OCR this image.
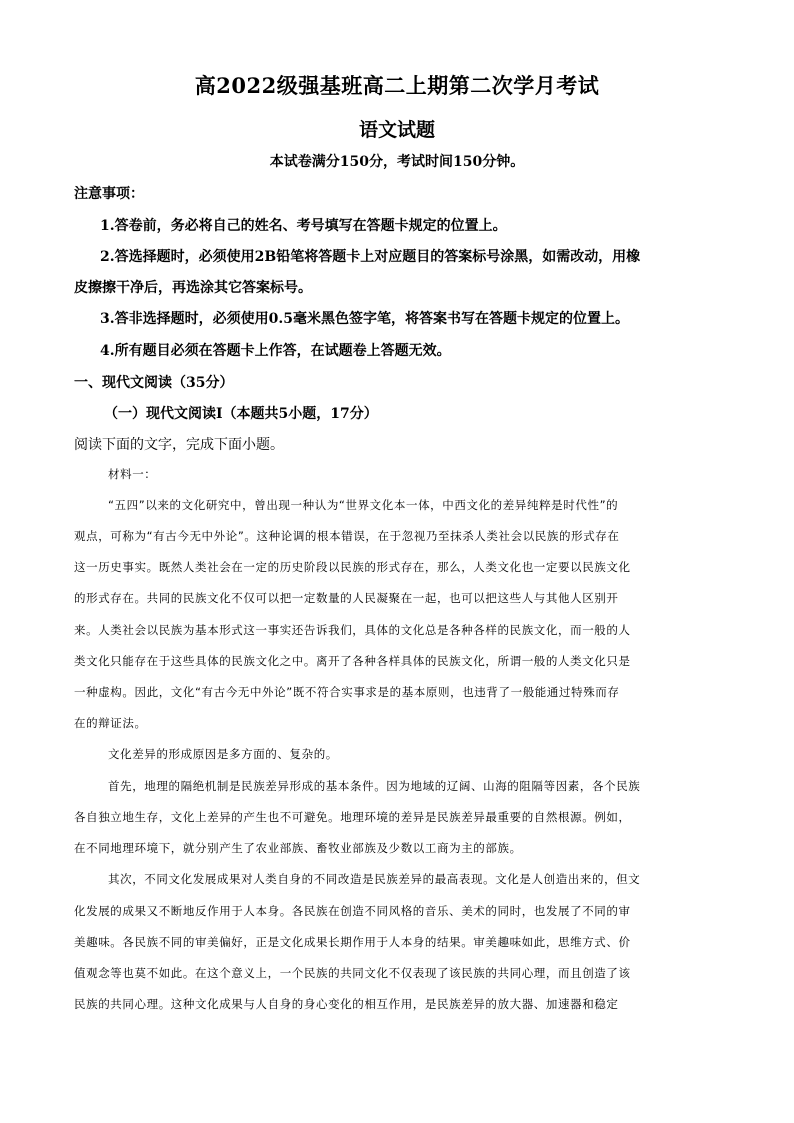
高2022级强基班高二上期第二次学月考试
语文试题
本试卷满分150分，考试时间150分钟。
注意事项：
1.答卷前，务必将自己的姓名、考号填写在答题卡规定的位置上。
2.答选择题时，必须使用2B铅笔将答题卡上对应题目的答案标号涂黑，如需改动，用橡
皮擦擦干净后，再选涂其它答案标号。
3.答非选择题时，必须使用0.5毫米黑色签字笔，将答案书写在答题卡规定的位置上。
4.所有题目必须在答题卡上作答，在试题卷上答题无效。
一、现代文阅读（35分）
（一）现代文阅读Ⅰ（本题共5小题，17分）
阅读下面的文字，完成下面小题。
材料一：
“五四”以来的文化研究中，曾出现一种认为“世界文化本一体，中西文化的差异纯粹是时代性”的
观点，可称为“有古今无中外论”。这种论调的根本错误，在于忽视乃至抹杀人类社会以民族的形式存在
这一历史事实。既然人类社会在一定的历史阶段以民族的形式存在，那么，人类文化也一定要以民族文化
的形式存在。共同的民族文化不仅可以把一定数量的人民凝聚在一起，也可以把这些人与其他人区别开
来。人类社会以民族为基本形式这一事实还告诉我们，具体的文化总是各种各样的民族文化，而一般的人
类文化只能存在于这些具体的民族文化之中。离开了各种各样具体的民族文化，所谓一般的人类文化只是
一种虚构。因此，文化“有古今无中外论”既不符合实事求是的基本原则，也违背了一般能通过特殊而存
在的辩证法。
文化差异的形成原因是多方面的、复杂的。
首先，地理的隔绝机制是民族差异形成的基本条件。因为地域的辽阔、山海的阻隔等因素，各个民族
各自独立地生存，文化上差异的产生也不可避免。地理环境的差异是民族差异最重要的自然根源。例如，
在不同地理环境下，就分别产生了农业部族、畜牧业部族及少数以工商为主的部族。
其次，不同文化发展成果对人类自身的不同改造是民族差异的最高表现。文化是人创造出来的，但文
化发展的成果又不断地反作用于人本身。各民族在创造不同风格的音乐、美术的同时，也发展了不同的审
美趣味。各民族不同的审美偏好，正是文化成果长期作用于人本身的结果。审美趣味如此，思维方式、价
值观念等也莫不如此。在这个意义上，一个民族的共同文化不仅表现了该民族的共同心理，而且创造了该
民族的共同心理。这种文化成果与人自身的身心变化的相互作用，是民族差异的放大器、加速器和稳定
